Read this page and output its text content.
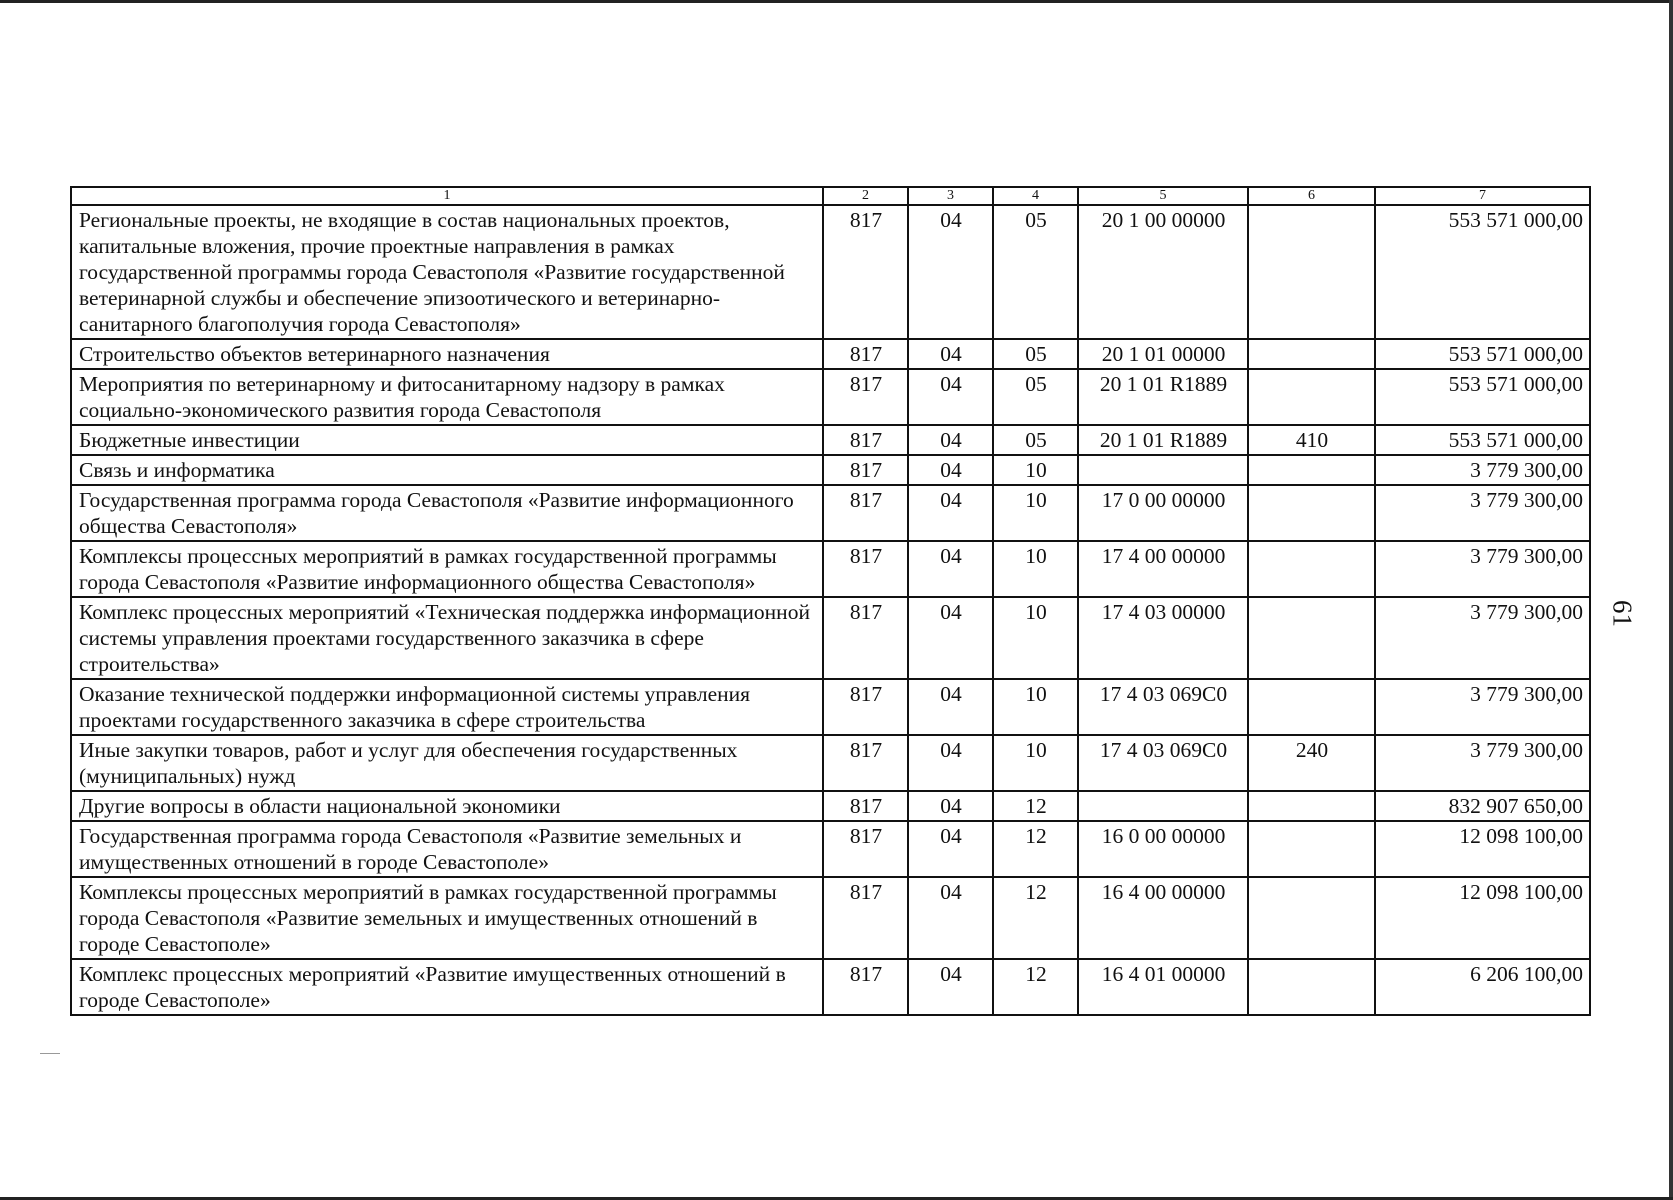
61
1	2	3	4	5	6	7
Региональные проекты, не входящие в состав национальных проектов, капитальные вложения, прочие проектные направления в рамках государственной программы города Севастополя «Развитие государственной ветеринарной службы и обеспечение эпизоотического и ветеринарно-санитарного благополучия города Севастополя»	817	04	05	20 1 00 00000		553 571 000,00
Строительство объектов ветеринарного назначения	817	04	05	20 1 01 00000		553 571 000,00
Мероприятия по ветеринарному и фитосанитарному надзору в рамках социально-экономического развития города Севастополя	817	04	05	20 1 01 R1889		553 571 000,00
Бюджетные инвестиции	817	04	05	20 1 01 R1889	410	553 571 000,00
Связь и информатика	817	04	10			3 779 300,00
Государственная программа города Севастополя «Развитие информационного общества Севастополя»	817	04	10	17 0 00 00000		3 779 300,00
Комплексы процессных мероприятий в рамках государственной программы города Севастополя «Развитие информационного общества Севастополя»	817	04	10	17 4 00 00000		3 779 300,00
Комплекс процессных мероприятий «Техническая поддержка информационной системы управления проектами государственного заказчика в сфере строительства»	817	04	10	17 4 03 00000		3 779 300,00
Оказание технической поддержки информационной системы управления проектами государственного заказчика в сфере строительства	817	04	10	17 4 03 069C0		3 779 300,00
Иные закупки товаров, работ и услуг для обеспечения государственных (муниципальных) нужд	817	04	10	17 4 03 069C0	240	3 779 300,00
Другие вопросы в области национальной экономики	817	04	12			832 907 650,00
Государственная программа города Севастополя «Развитие земельных и имущественных отношений в городе Севастополе»	817	04	12	16 0 00 00000		12 098 100,00
Комплексы процессных мероприятий в рамках государственной программы города Севастополя «Развитие земельных и имущественных отношений в городе Севастополе»	817	04	12	16 4 00 00000		12 098 100,00
Комплекс процессных мероприятий «Развитие имущественных отношений в городе Севастополе»	817	04	12	16 4 01 00000		6 206 100,00
